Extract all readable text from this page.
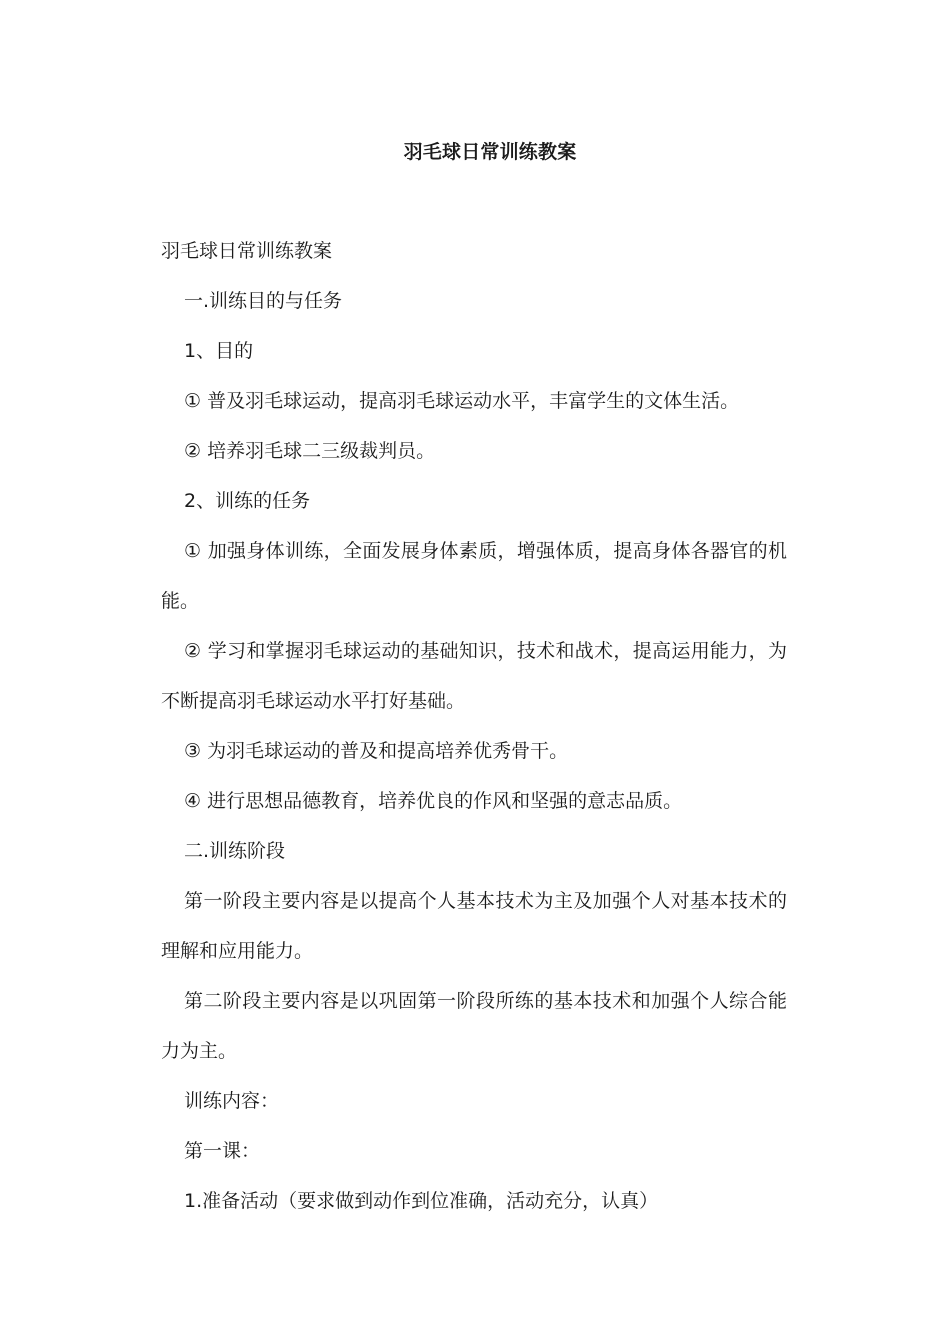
羽毛球日常训练教案

羽毛球日常训练教案

一.训练目的与任务

1、目的

① 普及羽毛球运动，提高羽毛球运动水平，丰富学生的文体生活。

② 培养羽毛球二三级裁判员。

2、训练的任务

① 加强身体训练，全面发展身体素质，增强体质，提高身体各器官的机能。

② 学习和掌握羽毛球运动的基础知识，技术和战术，提高运用能力，为不断提高羽毛球运动水平打好基础。

③ 为羽毛球运动的普及和提高培养优秀骨干。

④ 进行思想品德教育，培养优良的作风和坚强的意志品质。

二.训练阶段

第一阶段主要内容是以提高个人基本技术为主及加强个人对基本技术的理解和应用能力。

第二阶段主要内容是以巩固第一阶段所练的基本技术和加强个人综合能力为主。

训练内容：

第一课：

1.准备活动（要求做到动作到位准确，活动充分，认真）
